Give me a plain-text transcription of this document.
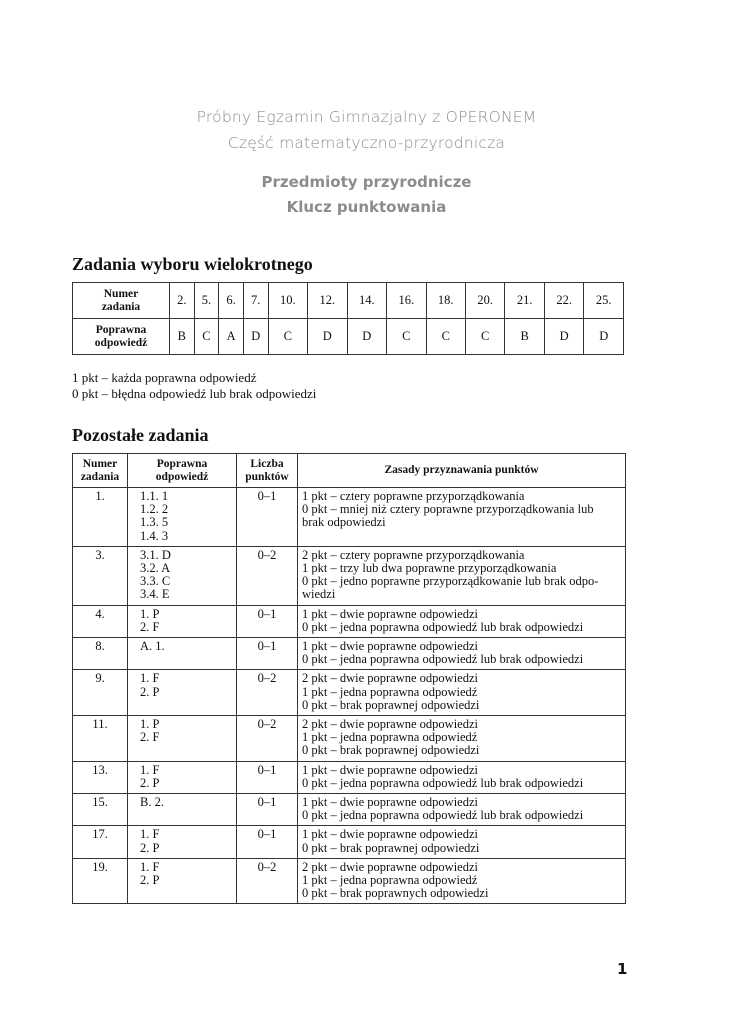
Próbny Egzamin Gimnazjalny z OPERONEM
Część matematyczno-przyrodnicza
Przedmioty przyrodnicze
Klucz punktowania
Zadania wyboru wielokrotnego
Numer
zadania	2.	5.	6.	7.	10.	12.	14.	16.	18.	20.	21.	22.	25.

Poprawna
odpowiedź	B	C	A	D	C	D	D	C	C	C	B	D	D
1 pkt – każda poprawna odpowiedź
0 pkt – błędna odpowiedź lub brak odpowiedzi
Pozostałe zadania
Numer
zadania	Poprawna
odpowiedź	Liczba
punktów	Zasady przyznawania punktów
1.	1.1. 1
1.2. 2
1.3. 5
1.4. 3	0–1	1 pkt – cztery poprawne przyporządkowania
0 pkt – mniej niż cztery poprawne przyporządkowania lub
brak odpowiedzi

3.	3.1. D
3.2. A
3.3. C
3.4. E	0–2	2 pkt – cztery poprawne przyporządkowania
1 pkt – trzy lub dwa poprawne przyporządkowania
0 pkt – jedno poprawne przyporządkowanie lub brak odpo-
wiedzi

4.	1. P
2. F	0–1	1 pkt – dwie poprawne odpowiedzi
0 pkt – jedna poprawna odpowiedź lub brak odpowiedzi

8.	A. 1.	0–1	1 pkt – dwie poprawne odpowiedzi
0 pkt – jedna poprawna odpowiedź lub brak odpowiedzi

9.	1. F
2. P	0–2	2 pkt – dwie poprawne odpowiedzi
1 pkt – jedna poprawna odpowiedź
0 pkt – brak poprawnej odpowiedzi

11.	1. P
2. F	0–2	2 pkt – dwie poprawne odpowiedzi
1 pkt – jedna poprawna odpowiedź
0 pkt – brak poprawnej odpowiedzi

13.	1. F
2. P	0–1	1 pkt – dwie poprawne odpowiedzi
0 pkt – jedna poprawna odpowiedź lub brak odpowiedzi

15.	B. 2.	0–1	1 pkt – dwie poprawne odpowiedzi
0 pkt – jedna poprawna odpowiedź lub brak odpowiedzi

17.	1. F
2. P	0–1	1 pkt – dwie poprawne odpowiedzi
0 pkt – brak poprawnej odpowiedzi

19.	1. F
2. P	0–2	2 pkt – dwie poprawne odpowiedzi
1 pkt – jedna poprawna odpowiedź
0 pkt – brak poprawnych odpowiedzi
1
